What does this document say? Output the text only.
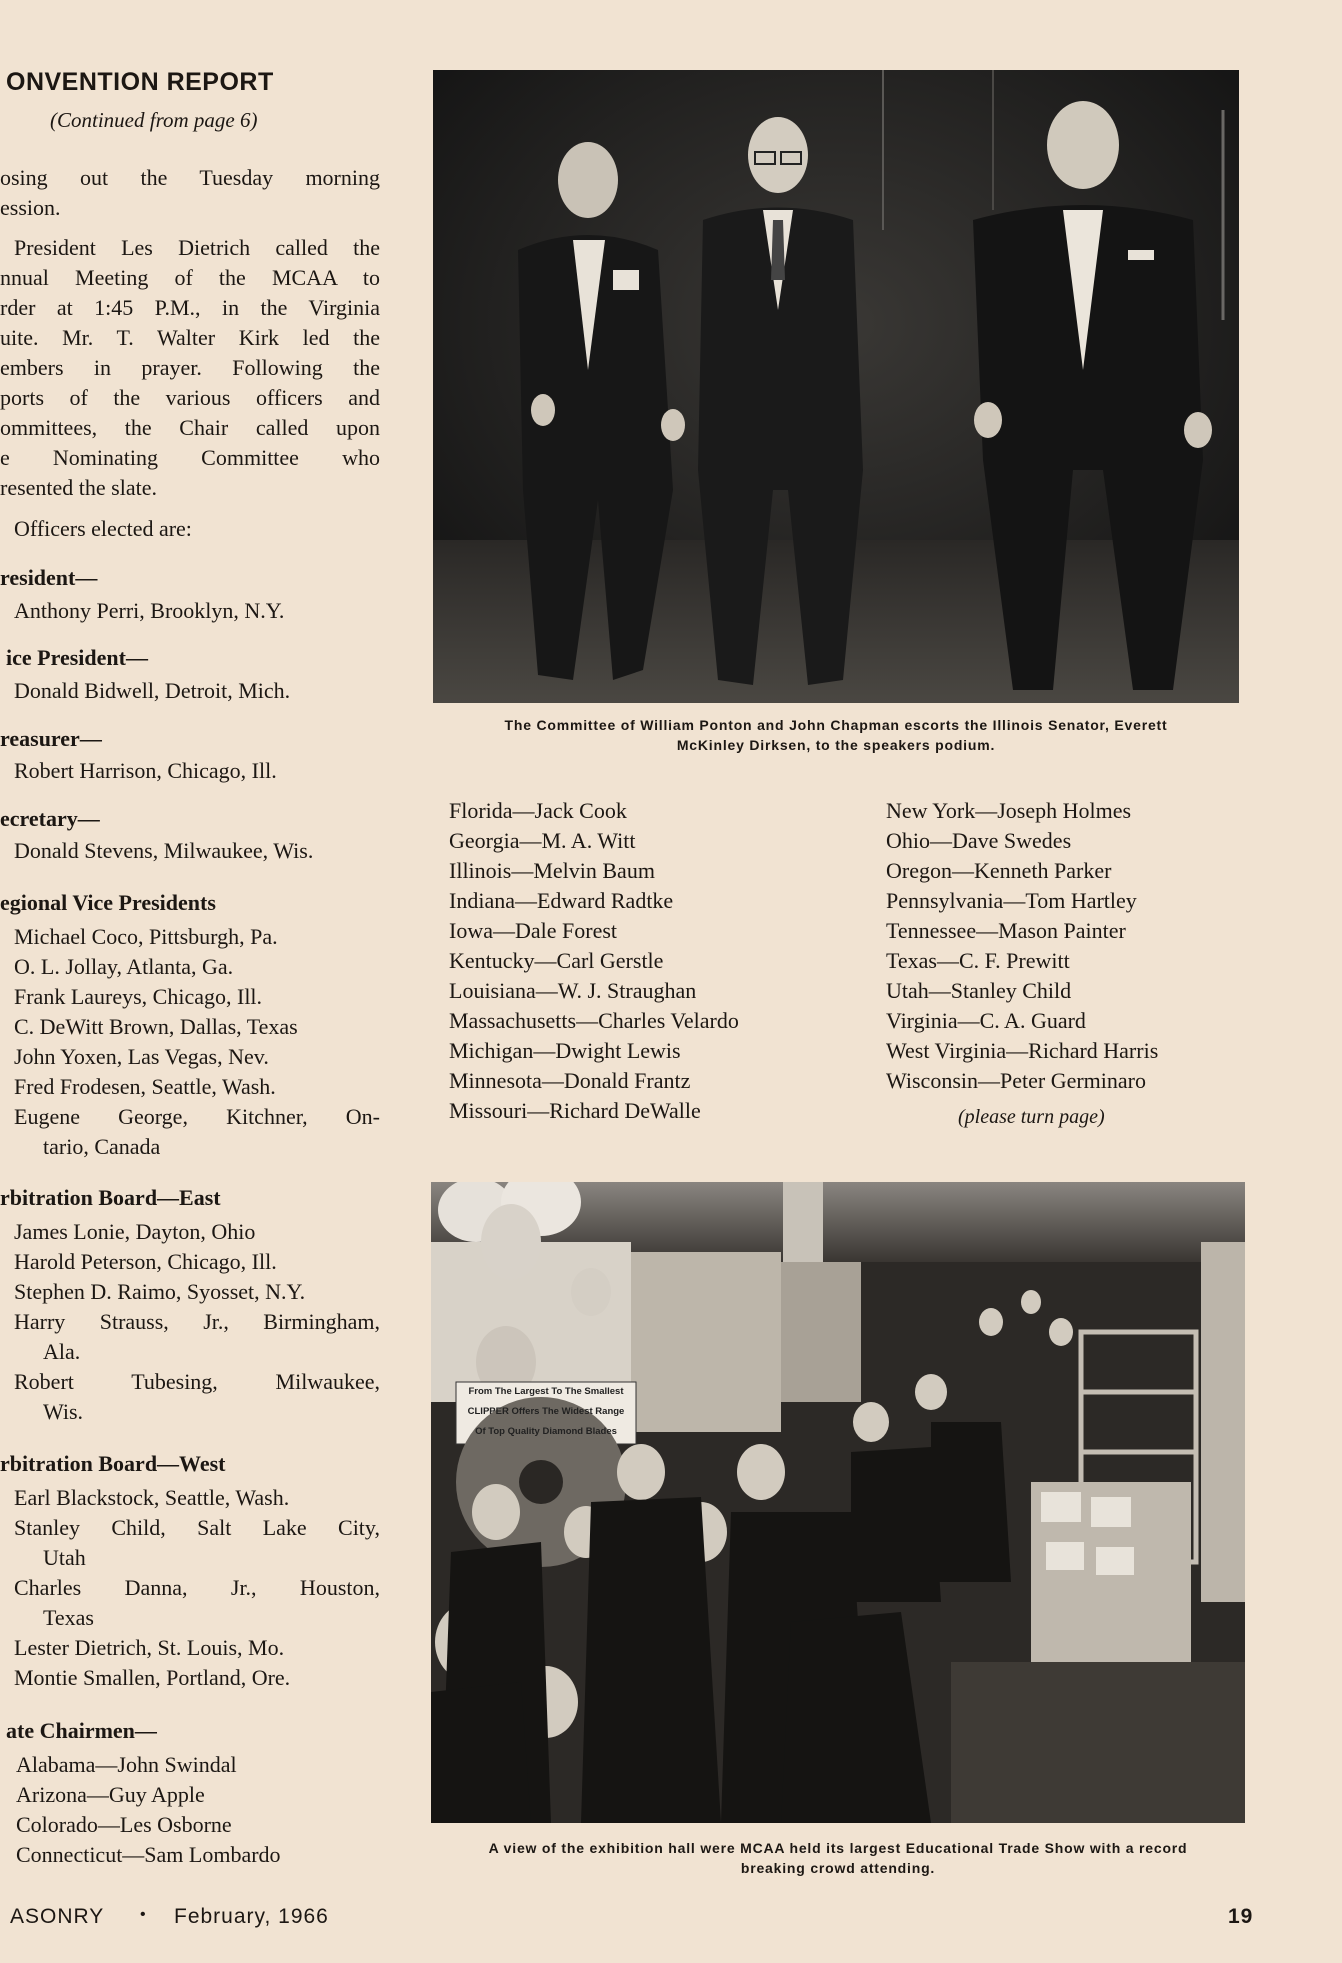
ONVENTION REPORT
(Continued from page 6)
osing out the Tuesday morning
ession.
President Les Dietrich called the
nnual Meeting of the MCAA to
rder at 1:45 P.M., in the Virginia
uite. Mr. T. Walter Kirk led the
embers in prayer. Following the
ports of the various officers and
ommittees, the Chair called upon
e Nominating Committee who
resented the slate.
Officers elected are:
resident—
Anthony Perri, Brooklyn, N.Y.
ice President—
Donald Bidwell, Detroit, Mich.
reasurer—
Robert Harrison, Chicago, Ill.
ecretary—
Donald Stevens, Milwaukee, Wis.
egional Vice Presidents
Michael Coco, Pittsburgh, Pa.
O. L. Jollay, Atlanta, Ga.
Frank Laureys, Chicago, Ill.
C. DeWitt Brown, Dallas, Texas
John Yoxen, Las Vegas, Nev.
Fred Frodesen, Seattle, Wash.
Eugene George, Kitchner, On-
tario, Canada
rbitration Board—East
James Lonie, Dayton, Ohio
Harold Peterson, Chicago, Ill.
Stephen D. Raimo, Syosset, N.Y.
Harry Strauss, Jr., Birmingham,
Ala.
Robert Tubesing, Milwaukee,
Wis.
rbitration Board—West
Earl Blackstock, Seattle, Wash.
Stanley Child, Salt Lake City,
Utah
Charles Danna, Jr., Houston,
Texas
Lester Dietrich, St. Louis, Mo.
Montie Smallen, Portland, Ore.
ate Chairmen—
Alabama—John Swindal
Arizona—Guy Apple
Colorado—Les Osborne
Connecticut—Sam Lombardo
The Committee of William Ponton and John Chapman escorts the Illinois Senator, Everett
McKinley Dirksen, to the speakers podium.
Florida—Jack Cook
Georgia—M. A. Witt
Illinois—Melvin Baum
Indiana—Edward Radtke
Iowa—Dale Forest
Kentucky—Carl Gerstle
Louisiana—W. J. Straughan
Massachusetts—Charles Velardo
Michigan—Dwight Lewis
Minnesota—Donald Frantz
Missouri—Richard DeWalle
New York—Joseph Holmes
Ohio—Dave Swedes
Oregon—Kenneth Parker
Pennsylvania—Tom Hartley
Tennessee—Mason Painter
Texas—C. F. Prewitt
Utah—Stanley Child
Virginia—C. A. Guard
West Virginia—Richard Harris
Wisconsin—Peter Germinaro
(please turn page)
From The Largest To The Smallest
CLIPPER Offers The Widest Range
Of Top Quality Diamond Blades
A view of the exhibition hall were MCAA held its largest Educational Trade Show with a record
breaking crowd attending.
ASONRY • February, 1966	19
